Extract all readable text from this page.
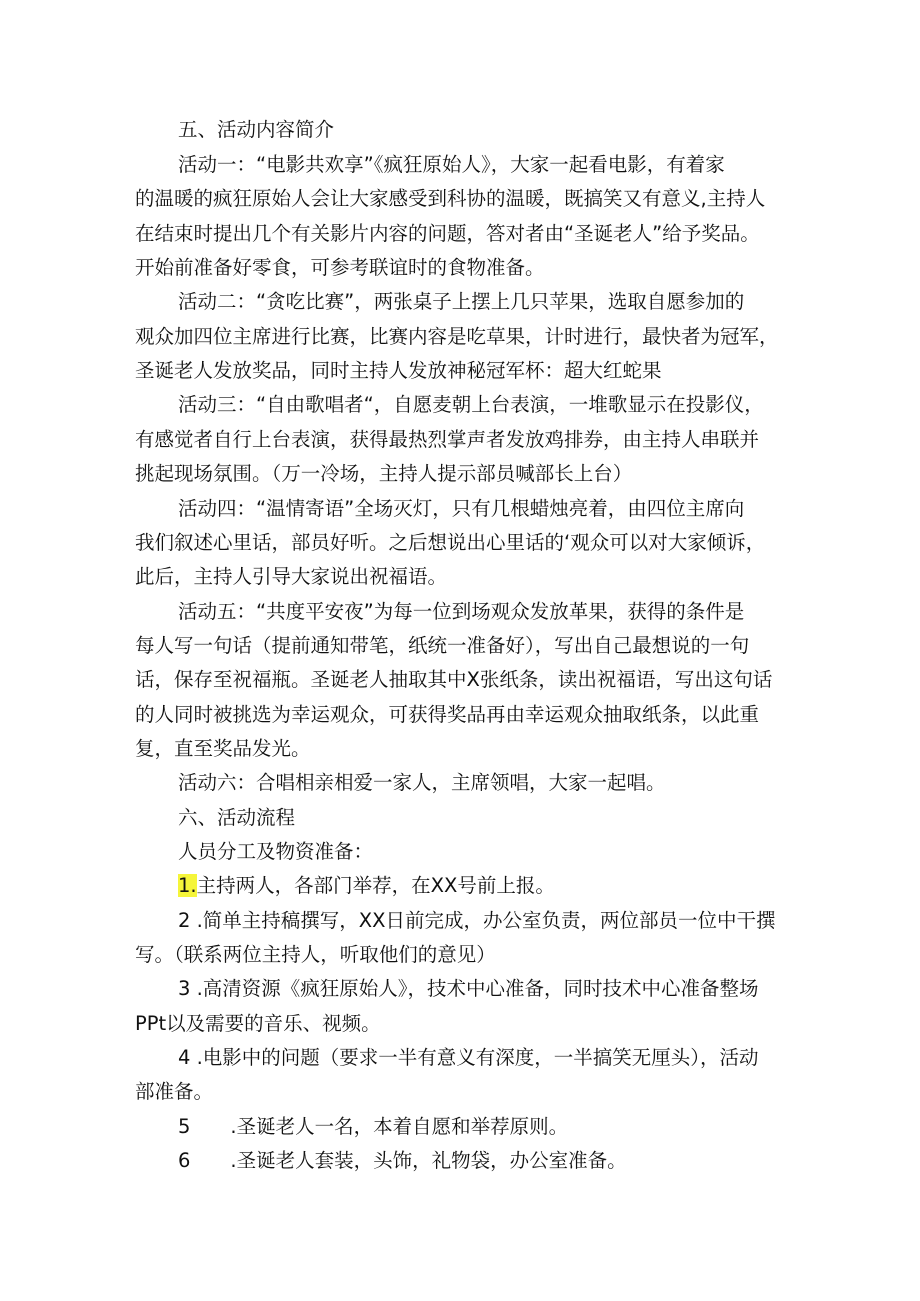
五、活动内容简介
活动一：“电影共欢享”《疯狂原始人》，大家一起看电影，有着家
的温暖的疯狂原始人会让大家感受到科协的温暖，既搞笑又有意义,主持人
在结束时提出几个有关影片内容的问题，答对者由“圣诞老人”给予奖品。
开始前准备好零食，可参考联谊时的食物准备。
活动二：“贪吃比赛”，两张桌子上摆上几只苹果，选取自愿参加的
观众加四位主席进行比赛，比赛内容是吃草果，计时进行，最快者为冠军，
圣诞老人发放奖品，同时主持人发放神秘冠军杯：超大红蛇果
活动三：“自由歌唱者“，自愿麦朝上台表演，一堆歌显示在投影仪，
有感觉者自行上台表演，获得最热烈掌声者发放鸡排券，由主持人串联并
挑起现场氛围。（万一冷场，主持人提示部员喊部长上台）
活动四：“温情寄语”全场灭灯，只有几根蜡烛亮着，由四位主席向
我们叙述心里话，部员好听。之后想说出心里话的‘观众可以对大家倾诉，
此后，主持人引导大家说出祝福语。
活动五：“共度平安夜”为每一位到场观众发放革果，获得的条件是
每人写一句话（提前通知带笔，纸统一准备好），写出自己最想说的一句
话，保存至祝福瓶。圣诞老人抽取其中X张纸条，读出祝福语，写出这句话
的人同时被挑选为幸运观众，可获得奖品再由幸运观众抽取纸条，以此重
复，直至奖品发光。
活动六：合唱相亲相爱一家人，主席领唱，大家一起唱。
六、活动流程
人员分工及物资准备：
1.主持两人，各部门举荐，在XX号前上报。
2 .简单主持稿撰写，XX日前完成，办公室负责，两位部员一位中干撰
写。（联系两位主持人，听取他们的意见）
3 .高清资源《疯狂原始人》，技术中心准备，同时技术中心准备整场
PPt以及需要的音乐、视频。
4 .电影中的问题（要求一半有意义有深度，一半搞笑无厘头），活动
部准备。
5 .圣诞老人一名，本着自愿和举荐原则。
6 .圣诞老人套装，头饰，礼物袋，办公室准备。
